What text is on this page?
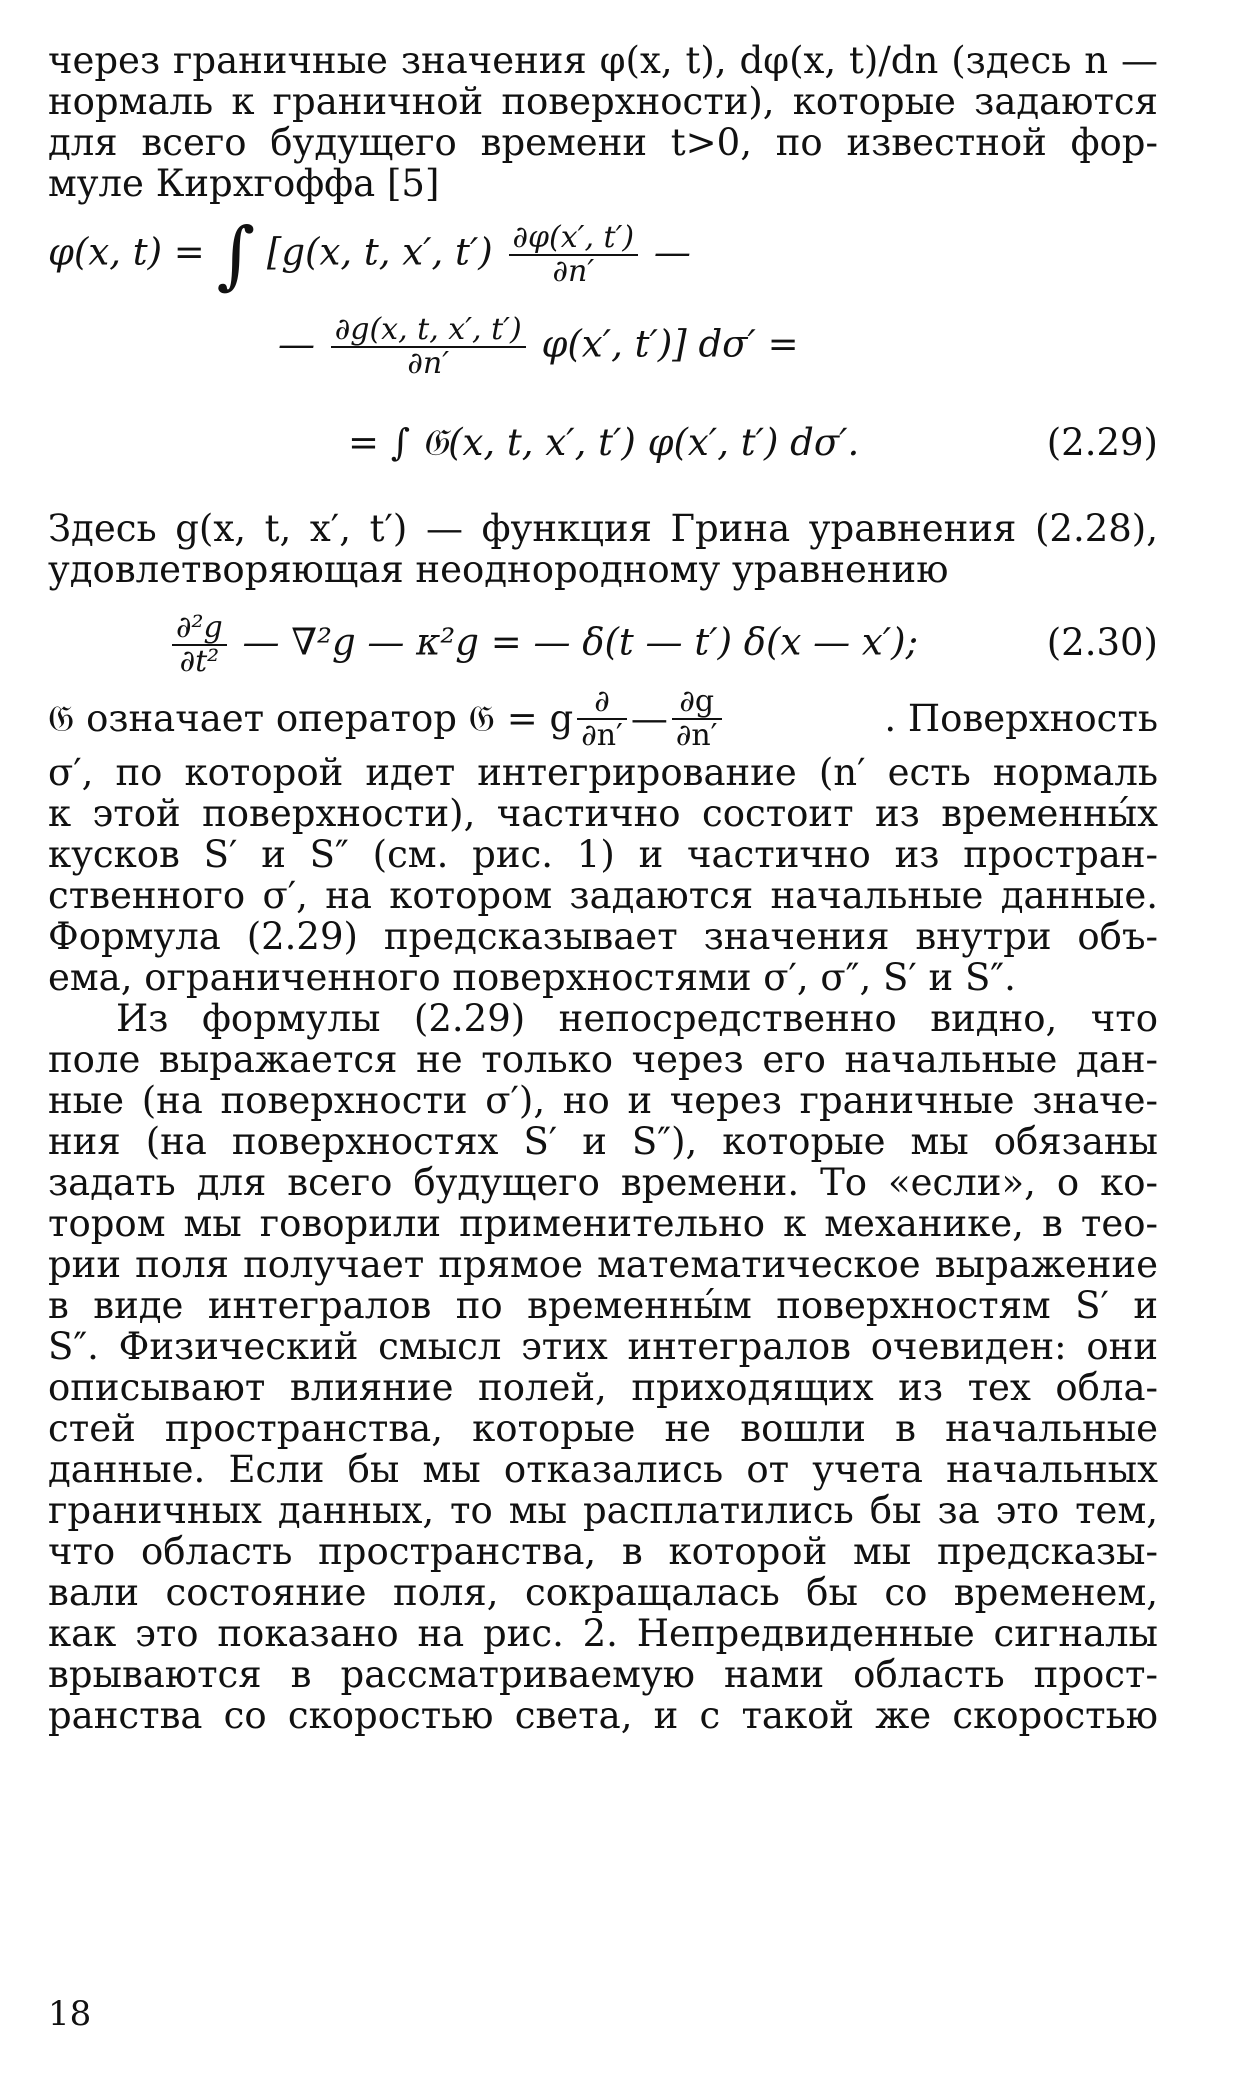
через граничные значения φ(x, t), dφ(x, t)/dn (здесь n —
нормаль к граничной поверхности), которые задаются
для всего будущего времени t>0, по известной фор-
муле Кирхгоффа [5]
φ(x, t) = ∫ [g(x, t, x′, $t') \frac{\partial\varphi(x', t')}{\partial n'}$ —
— $\frac{\partial g(x, t, x', t')}{\partial n'} \varphi(x'$, t′)] dσ′ =
= ∫ 𝔊(x, t, x′, t′) φ(x′, t′) dσ′.	(2.29)
Здесь g(x, t, x′, t′) — функция Грина уравнения (2.28),
удовлетворяющая неоднородному уравнению
$\frac{\text{∂²g}}{\text{∂t²}}$ — ∇²g — κ²g = — δ(t — t′) δ(x — x′);	(2.30)
𝔊 означает оператор 𝔊 = g $\frac{\partial}{\partial n'}$ — $\frac{\partial g}{\partial n'}$	. Поверхность
σ′, по которой идет интегрирование (n′ есть нормаль
к этой поверхности), частично состоит из временны́х
кусков S′ и S″ (см. рис. 1) и частично из простран-
ственного σ′, на котором задаются начальные данные.
Формула (2.29) предсказывает значения внутри объ-
ема, ограниченного поверхностями σ′, σ″, S′ и S″.
Из формулы (2.29) непосредственно видно, что
поле выражается не только через его начальные дан-
ные (на поверхности σ′), но и через граничные значе-
ния (на поверхностях S′ и S″), которые мы обязаны
задать для всего будущего времени. То «если», о ко-
тором мы говорили применительно к механике, в тео-
рии поля получает прямое математическое выражение
в виде интегралов по временны́м поверхностям S′ и
S″. Физический смысл этих интегралов очевиден: они
описывают влияние полей, приходящих из тех обла-
стей пространства, которые не вошли в начальные
данные. Если бы мы отказались от учета начальных
граничных данных, то мы расплатились бы за это тем,
что область пространства, в которой мы предсказы-
вали состояние поля, сокращалась бы со временем,
как это показано на рис. 2. Непредвиденные сигналы
врываются в рассматриваемую нами область прост-
ранства со скоростью света, и с такой же скоростью
18
